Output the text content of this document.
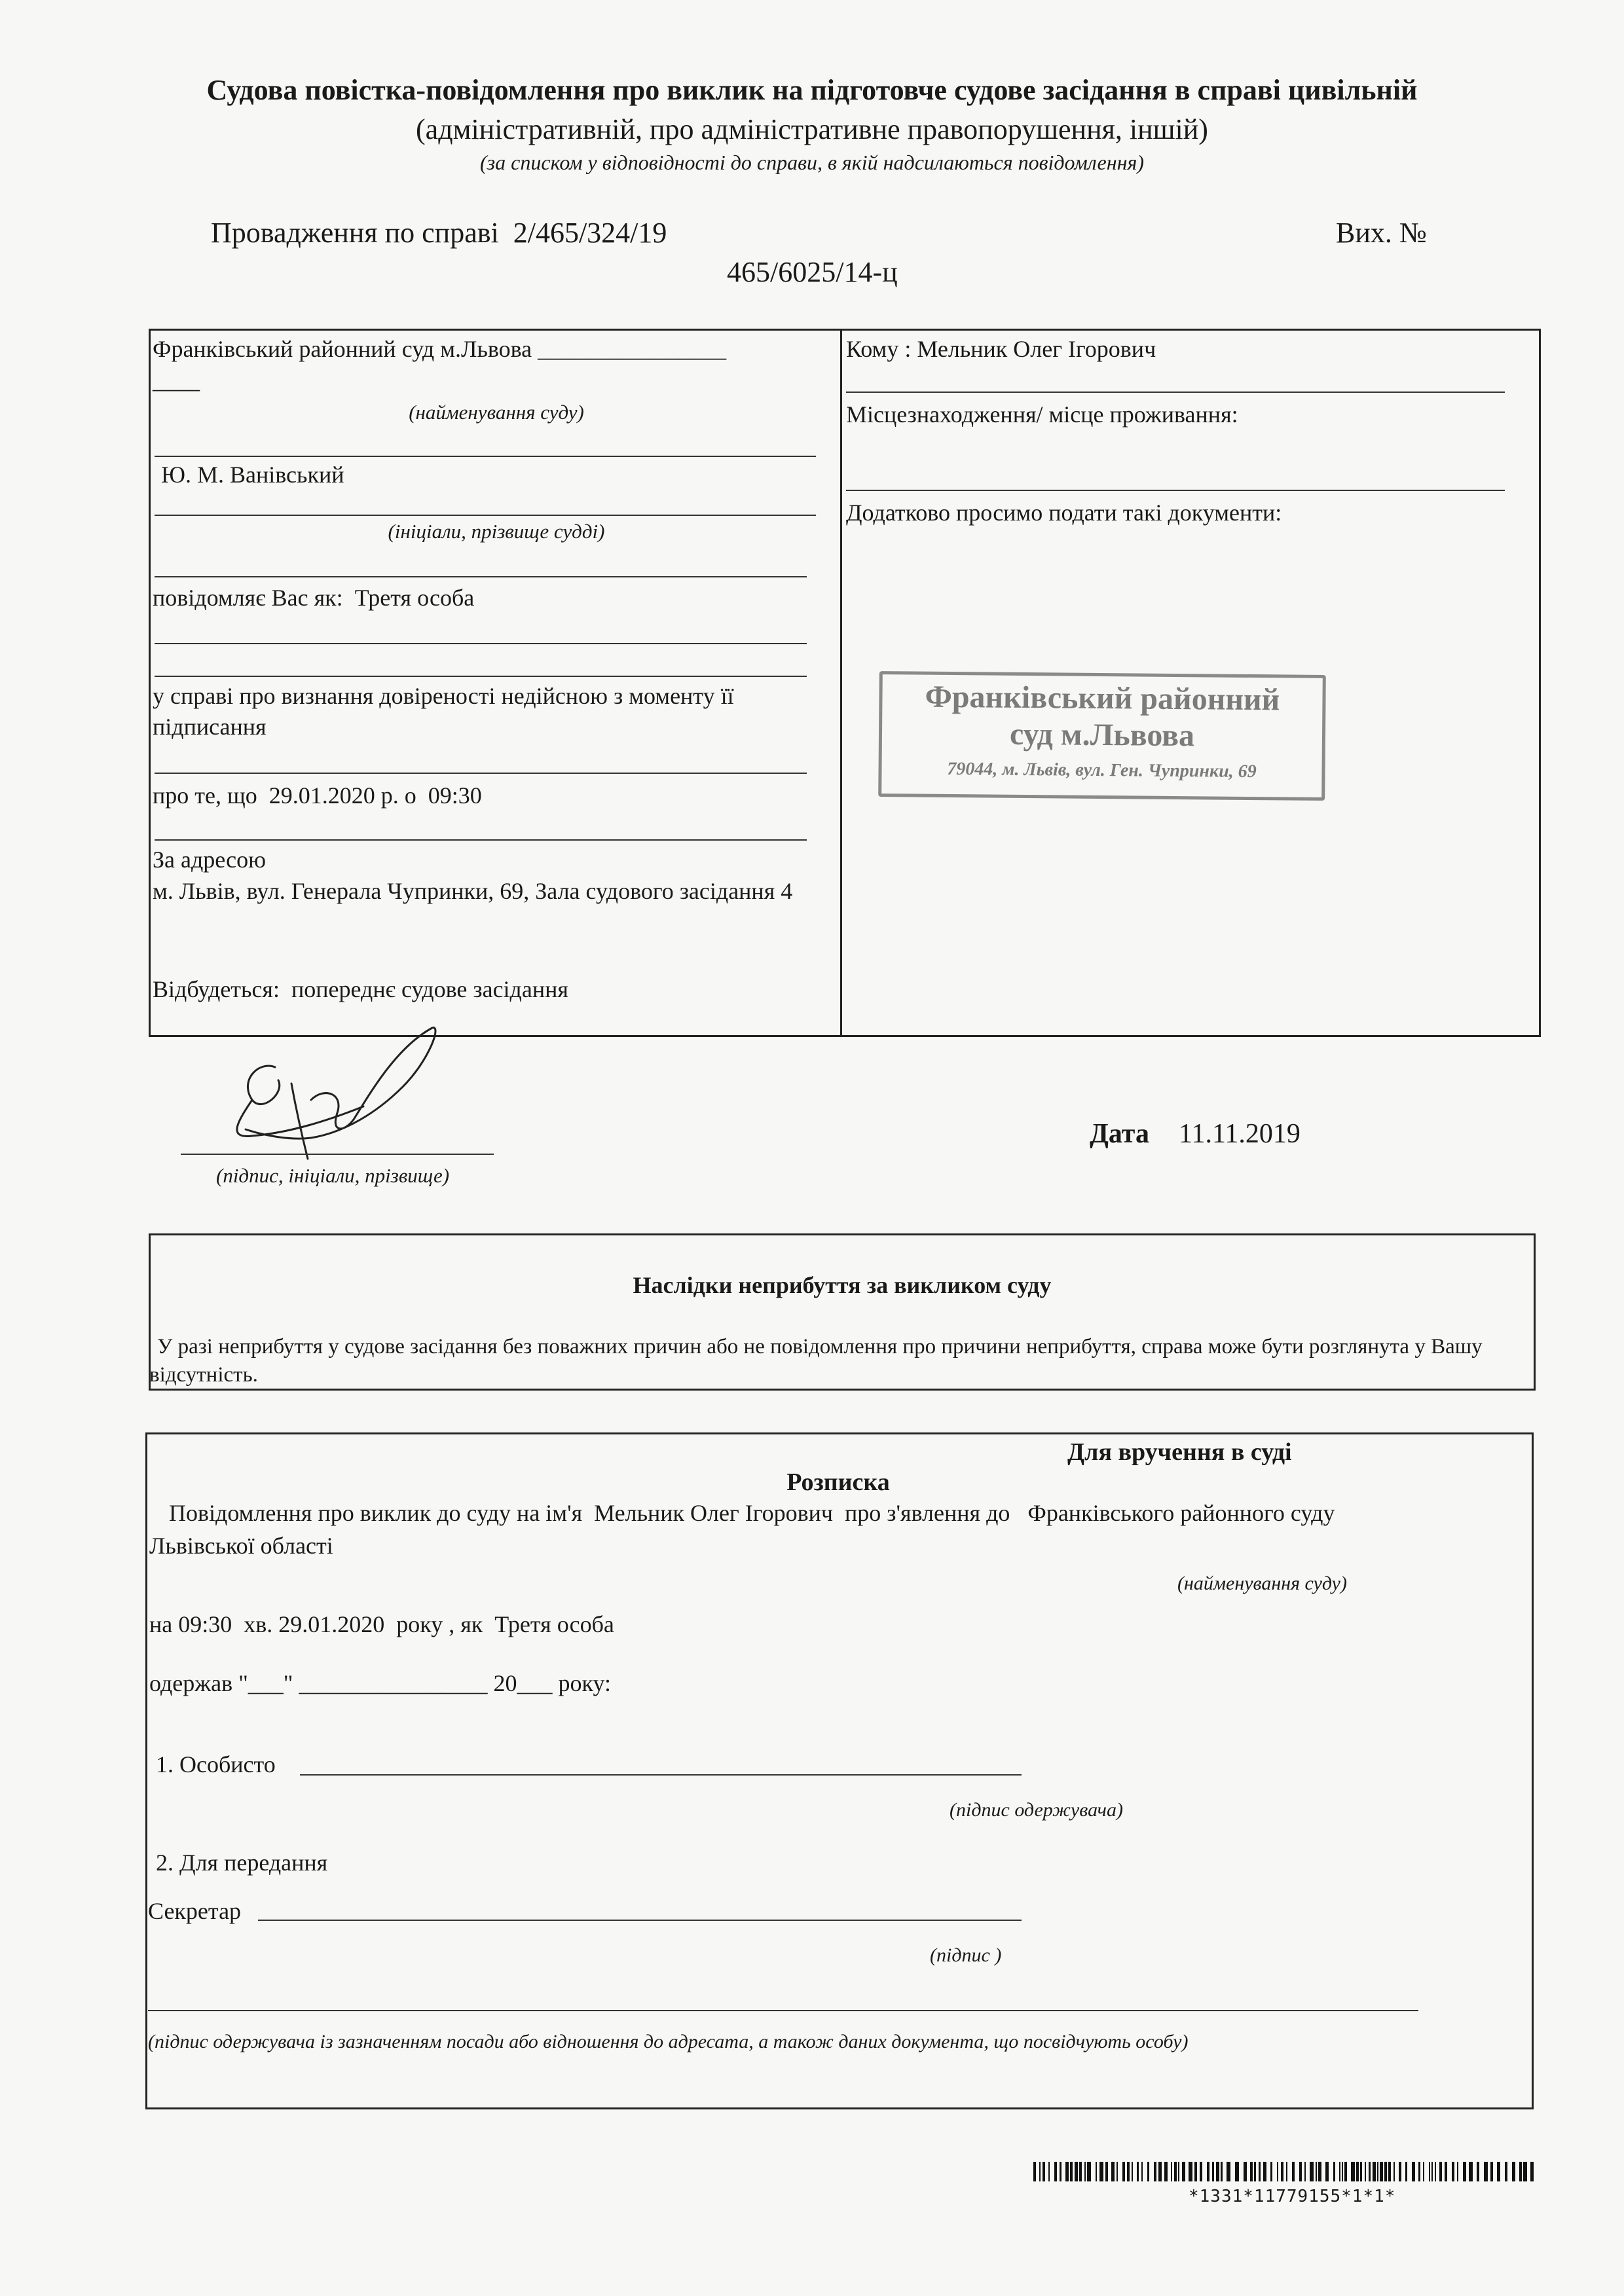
Судова повістка-повідомлення про виклик на підготовче судове засідання в справі цивільній
(адміністративній, про адміністративне правопорушення, іншій)
(за списком у відповідності до справи, в якій надсилаються повідомлення)
Провадження по справі 2/465/324/19	Вих. №
465/6025/14-ц
Франківський районний суд м.Львова ________________
____
(найменування суду)
Ю. М. Ванівський
(ініціали, прізвище судді)
повідомляє Вас як: Третя особа
у справі про визнання довіреності недійсною з моменту її підписання
про те, що 29.01.2020 р. о 09:30
За адресою
м. Львів, вул. Генерала Чупринки, 69, Зала судового засідання 4
Відбудеться: попереднє судове засідання
Кому : Мельник Олег Ігорович
Місцезнаходження/ місце проживання:
Додатково просимо подати такі документи:
Франківський районний
суд м.Львова
79044, м. Львів, вул. Ген. Чупринки, 69
(підпис, ініціали, прізвище)
Дата 11.11.2019
Наслідки неприбуття за викликом суду
У разі неприбуття у судове засідання без поважних причин або не повідомлення про причини неприбуття, справа може бути розглянута у Вашу відсутність.
Для вручення в суді
Розписка
Повідомлення про виклик до суду на ім'я Мельник Олег Ігорович про з'явлення до Франківського районного суду
Львівської області
(найменування суду)
на 09:30 хв. 29.01.2020 року , як Третя особа
одержав "___" ________________ 20___ року:
1. Особисто
(підпис одержувача)
2. Для передання
Секретар
(підпис )
(підпис одержувача із зазначенням посади або відношення до адресата, а також даних документа, що посвідчують особу)
*1331*11779155*1*1*
